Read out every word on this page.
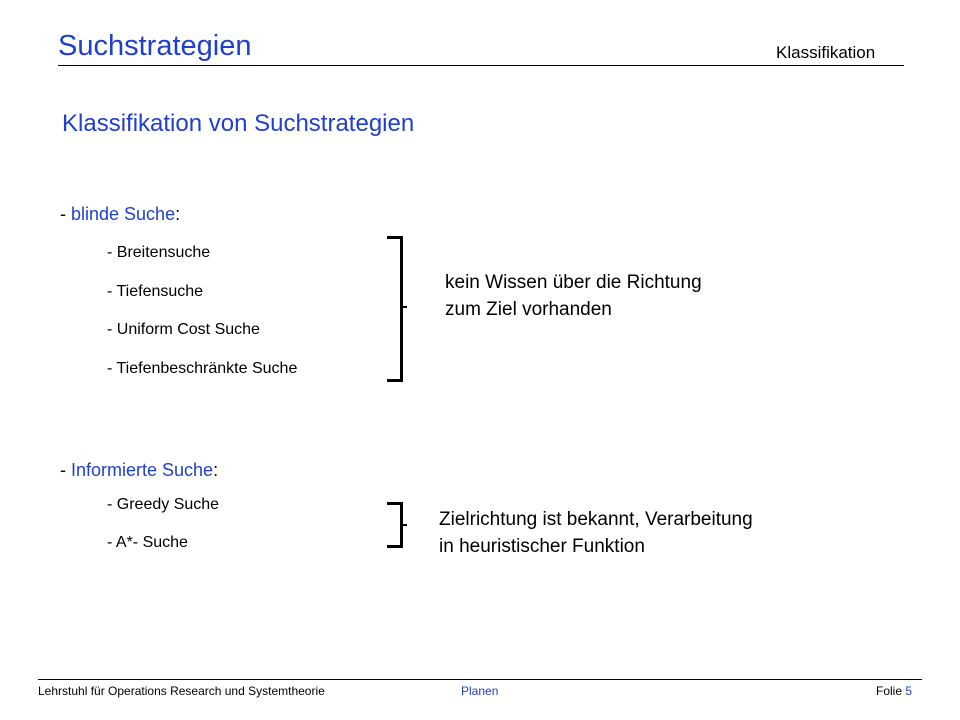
Suchstrategien	Klassifikation
Klassifikation von Suchstrategien
- blinde Suche:
- Breitensuche
- Tiefensuche
- Uniform Cost Suche
- Tiefenbeschränkte Suche
kein Wissen über die Richtung
zum Ziel vorhanden
- Informierte Suche:
- Greedy Suche
- A*- Suche
Zielrichtung ist bekannt, Verarbeitung
in heuristischer Funktion
Lehrstuhl für Operations Research und Systemtheorie	Planen	Folie 5
